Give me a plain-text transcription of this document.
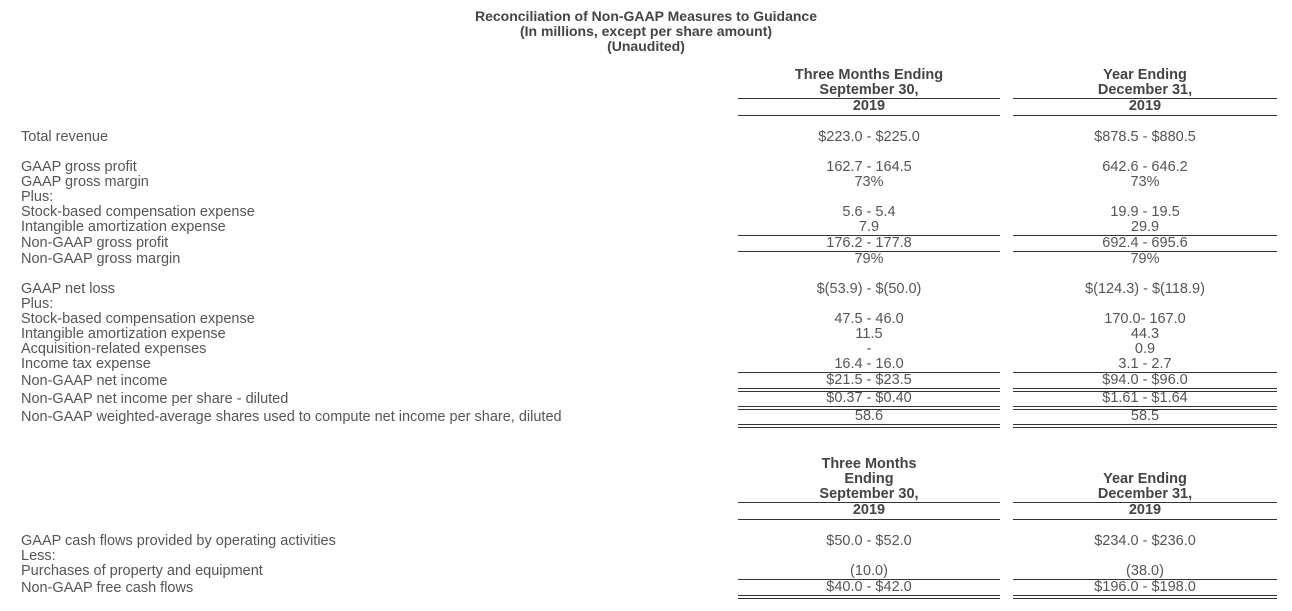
Reconciliation of Non-GAAP Measures to Guidance
(In millions, except per share amount)
(Unaudited)
Three Months Ending
September 30,
2019
Year Ending
December 31,
2019
Total revenue	$223.0 - $225.0	$878.5 - $880.5
GAAP gross profit	162.7 - 164.5	642.6 - 646.2
GAAP gross margin	73%	73%
Plus:
Stock-based compensation expense	5.6 - 5.4	19.9 - 19.5
Intangible amortization expense	7.9	29.9
Non-GAAP gross profit	176.2 - 177.8	692.4 - 695.6
Non-GAAP gross margin	79%	79%
GAAP net loss	$(53.9) - $(50.0)	$(124.3) - $(118.9)
Plus:
Stock-based compensation expense	47.5 - 46.0	170.0- 167.0
Intangible amortization expense	11.5	44.3
Acquisition-related expenses	-	0.9
Income tax expense	16.4 - 16.0	3.1 - 2.7
Non-GAAP net income	$21.5 - $23.5	$94.0 - $96.0
Non-GAAP net income per share - diluted	$0.37 - $0.40	$1.61 - $1.64
Non-GAAP weighted-average shares used to compute net income per share, diluted	58.6	58.5
Three Months
Ending
September 30,
2019
Year Ending
December 31,
2019
GAAP cash flows provided by operating activities	$50.0 - $52.0	$234.0 - $236.0
Less:
Purchases of property and equipment	(10.0)	(38.0)
Non-GAAP free cash flows	$40.0 - $42.0	$196.0 - $198.0
